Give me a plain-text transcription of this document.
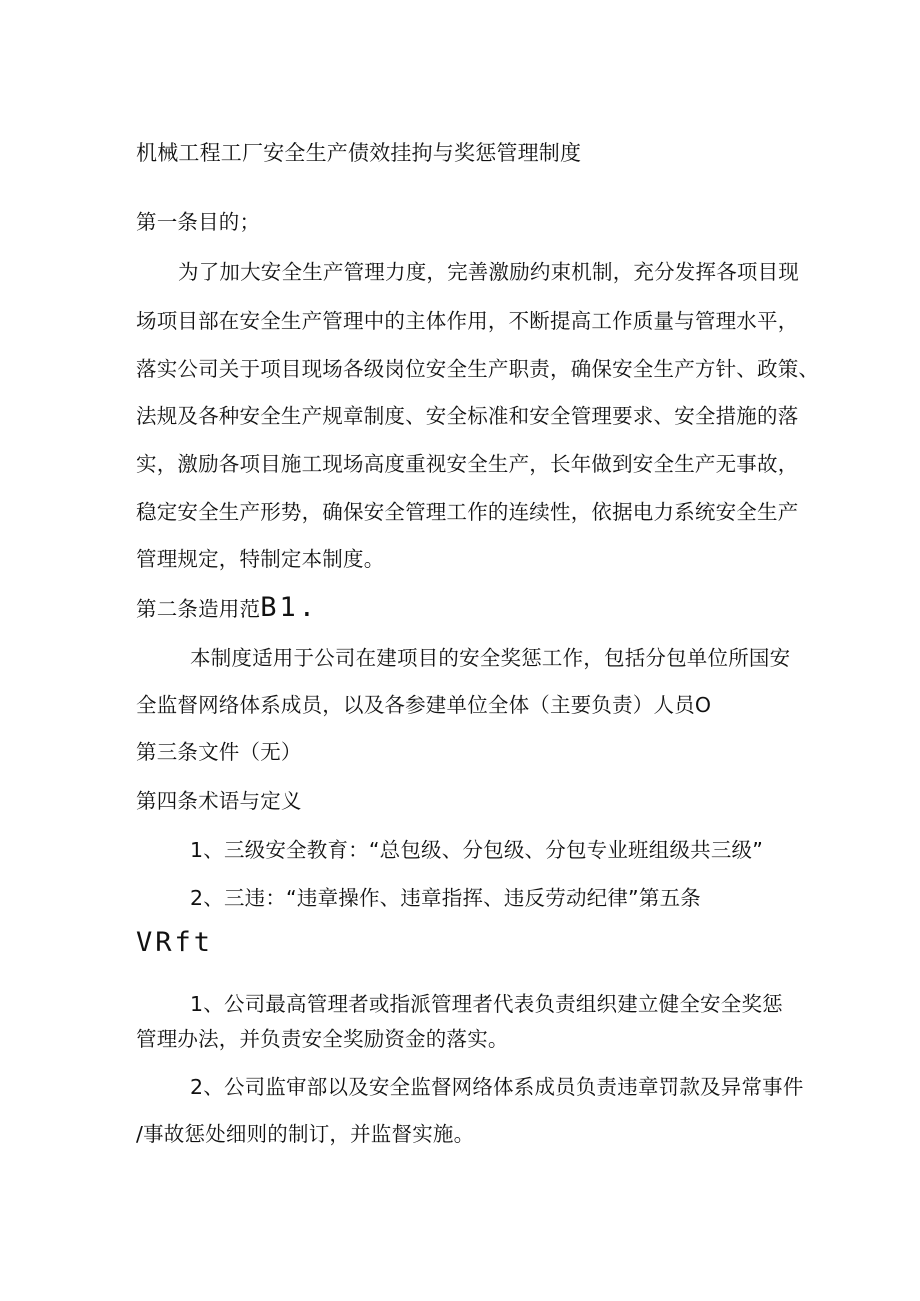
机械工程工厂安全生产债效挂拘与奖惩管理制度
第一条目的；
为了加大安全生产管理力度，完善激励约束机制，充分发挥各项目现
场项目部在安全生产管理中的主体作用，不断提高工作质量与管理水平，
落实公司关于项目现场各级岗位安全生产职责，确保安全生产方针、政策、
法规及各种安全生产规章制度、安全标准和安全管理要求、安全措施的落
实，激励各项目施工现场高度重视安全生产，长年做到安全生产无事故，
稳定安全生产形势，确保安全管理工作的连续性，依据电力系统安全生产
管理规定，特制定本制度。
第二条造用范B1.
本制度适用于公司在建项目的安全奖惩工作，包括分包单位所国安
全监督网络体系成员，以及各参建单位全体（主要负责）人员O
第三条文件（无）
第四条术语与定义
1、三级安全教育：“总包级、分包级、分包专业班组级共三级”
2、三违：“违章操作、违章指挥、违反劳动纪律”第五条
VRft
1、公司最高管理者或指派管理者代表负责组织建立健全安全奖惩
管理办法，并负责安全奖励资金的落实。
2、公司监审部以及安全监督网络体系成员负责违章罚款及异常事件
/事故惩处细则的制订，并监督实施。
